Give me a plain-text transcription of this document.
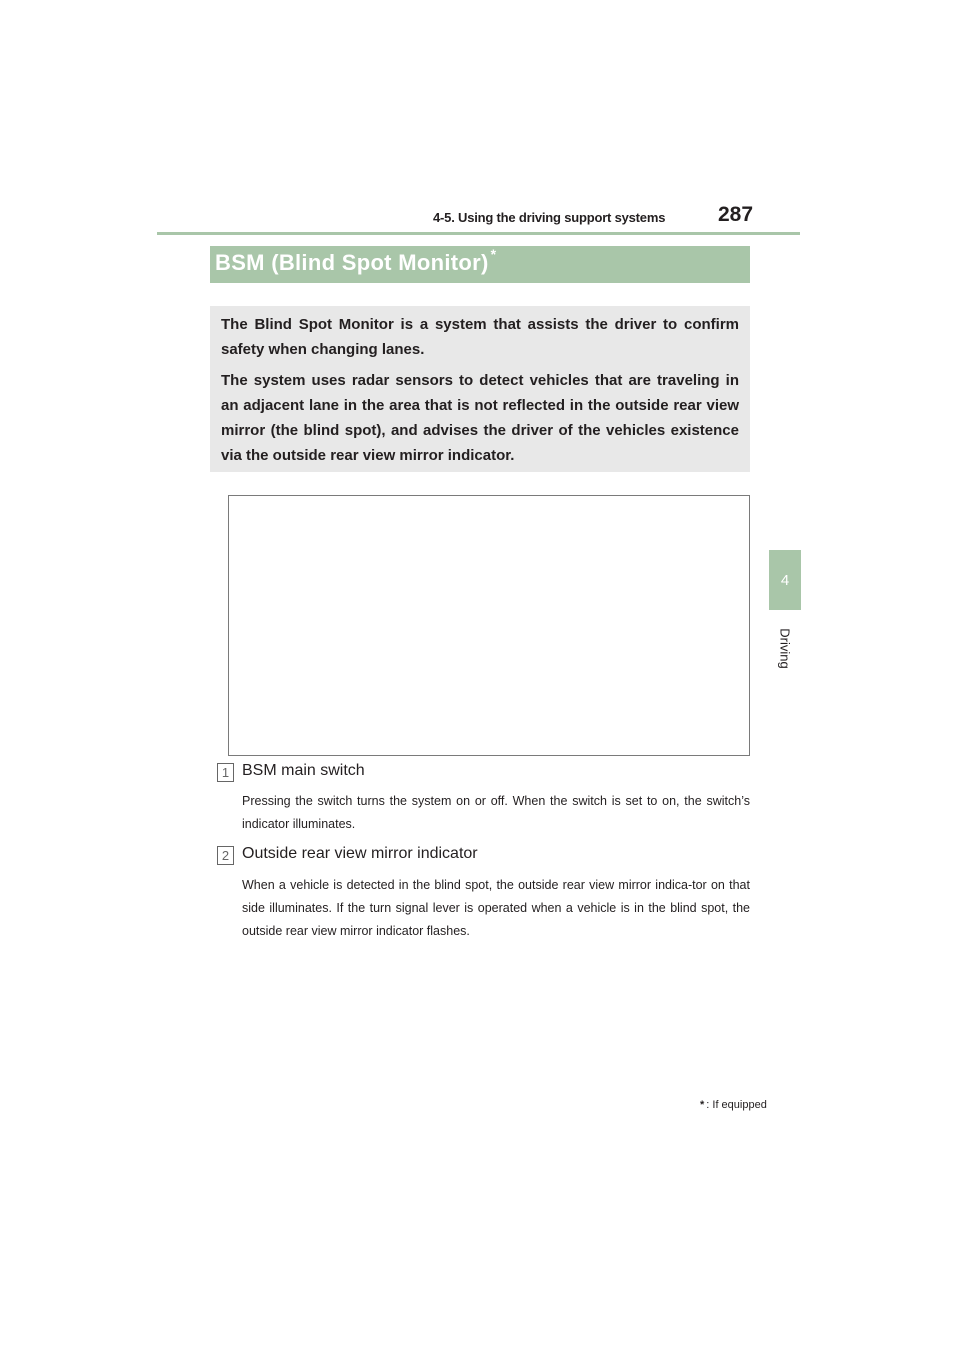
4-5. Using the driving support systems	287
4
Driving
BSM (Blind Spot Monitor) *

The Blind Spot Monitor is a system that assists the driver to confirm safety when changing lanes.

The system uses radar sensors to detect vehicles that are traveling in an adjacent lane in the area that is not reflected in the outside rear view mirror (the blind spot), and advises the driver of the vehicles existence via the outside rear view mirror indicator.

1 BSM main switch
Pressing the switch turns the system on or off. When the switch is set to on, the switch’s indicator illuminates.
2 Outside rear view mirror indicator
When a vehicle is detected in the blind spot, the outside rear view mirror indica-tor on that side illuminates. If the turn signal lever is operated when a vehicle is in the blind spot, the outside rear view mirror indicator flashes.
* : If equipped
